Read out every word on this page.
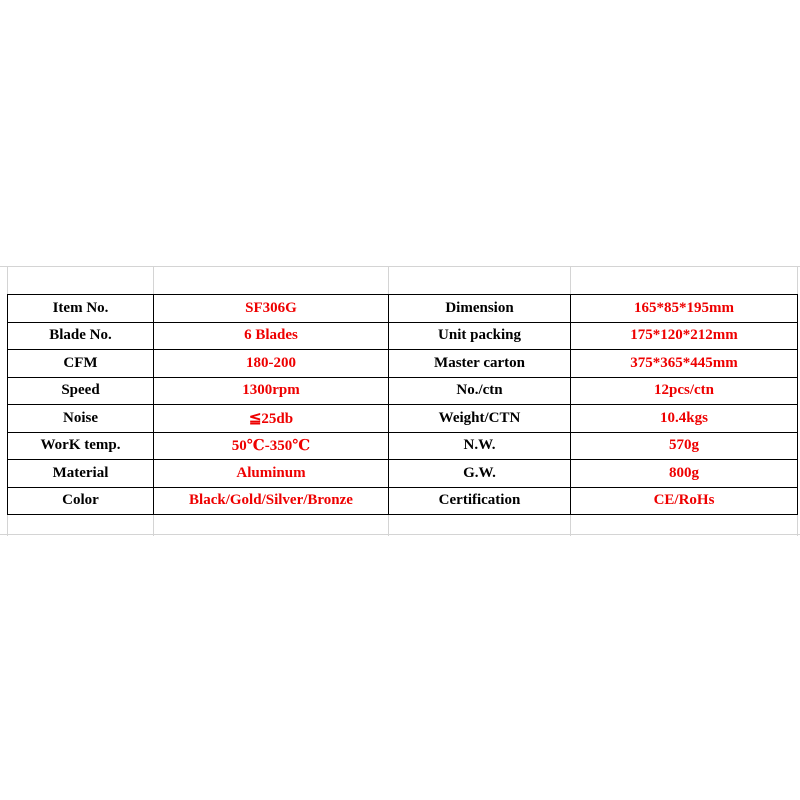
Item No.	SF306G	Dimension	165*85*195mm
Blade No.	6 Blades	Unit packing	175*120*212mm
CFM	180-200	Master carton	375*365*445mm
Speed	1300rpm	No./ctn	12pcs/ctn
Noise	≦25db	Weight/CTN	10.4kgs
WorK temp.	50℃-350℃	N.W.	570g
Material	Aluminum	G.W.	800g
Color	Black/Gold/Silver/Bronze	Certification	CE/RoHs
